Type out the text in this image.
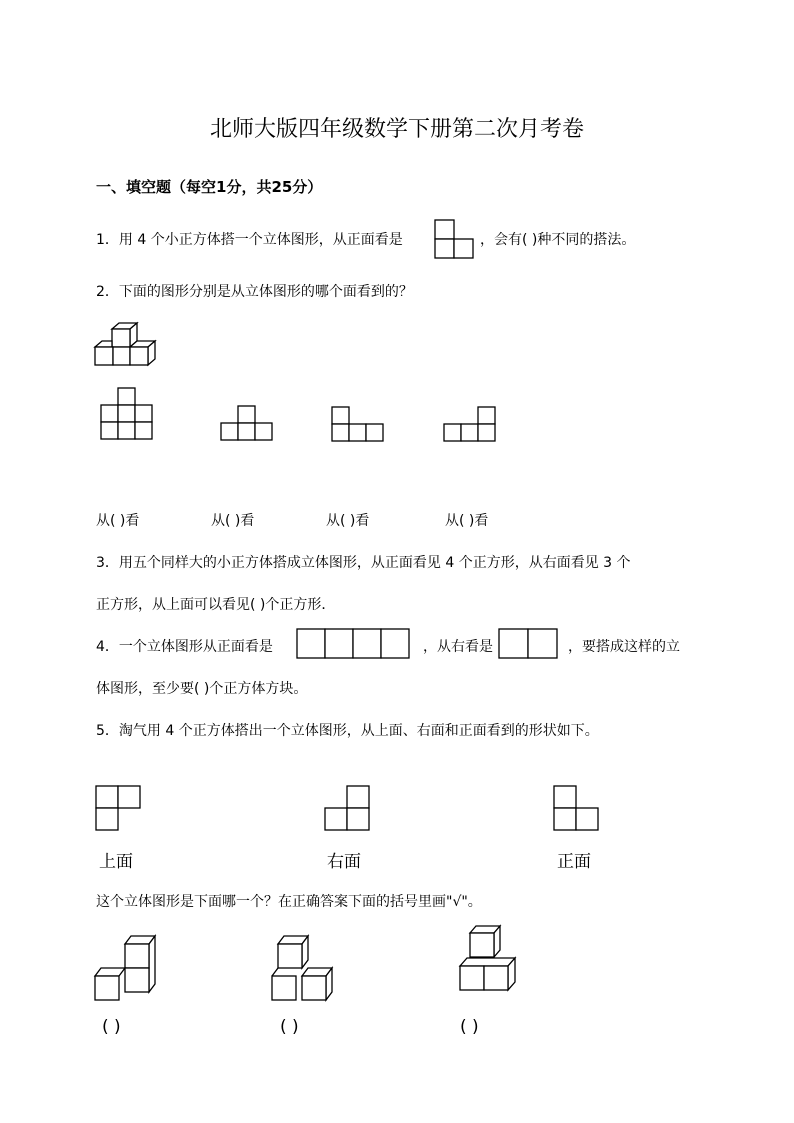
北师大版四年级数学下册第二次月考卷
一、填空题（每空1分，共25分）
1．用 4 个小正方体搭一个立体图形，从正面看是	，会有( )种不同的搭法。
2．下面的图形分别是从立体图形的哪个面看到的？
从( )看	从( )看	从( )看	从( )看
3．用五个同样大的小正方体搭成立体图形，从正面看见 4 个正方形，从右面看见 3 个
正方形，从上面可以看见( )个正方形．
4．一个立体图形从正面看是	，从右看是	，要搭成这样的立
体图形，至少要( )个正方体方块。
5．淘气用 4 个正方体搭出一个立体图形，从上面、右面和正面看到的形状如下。
上面	右面	正面
这个立体图形是下面哪一个？在正确答案下面的括号里画"√"。
( )	( )	( )
